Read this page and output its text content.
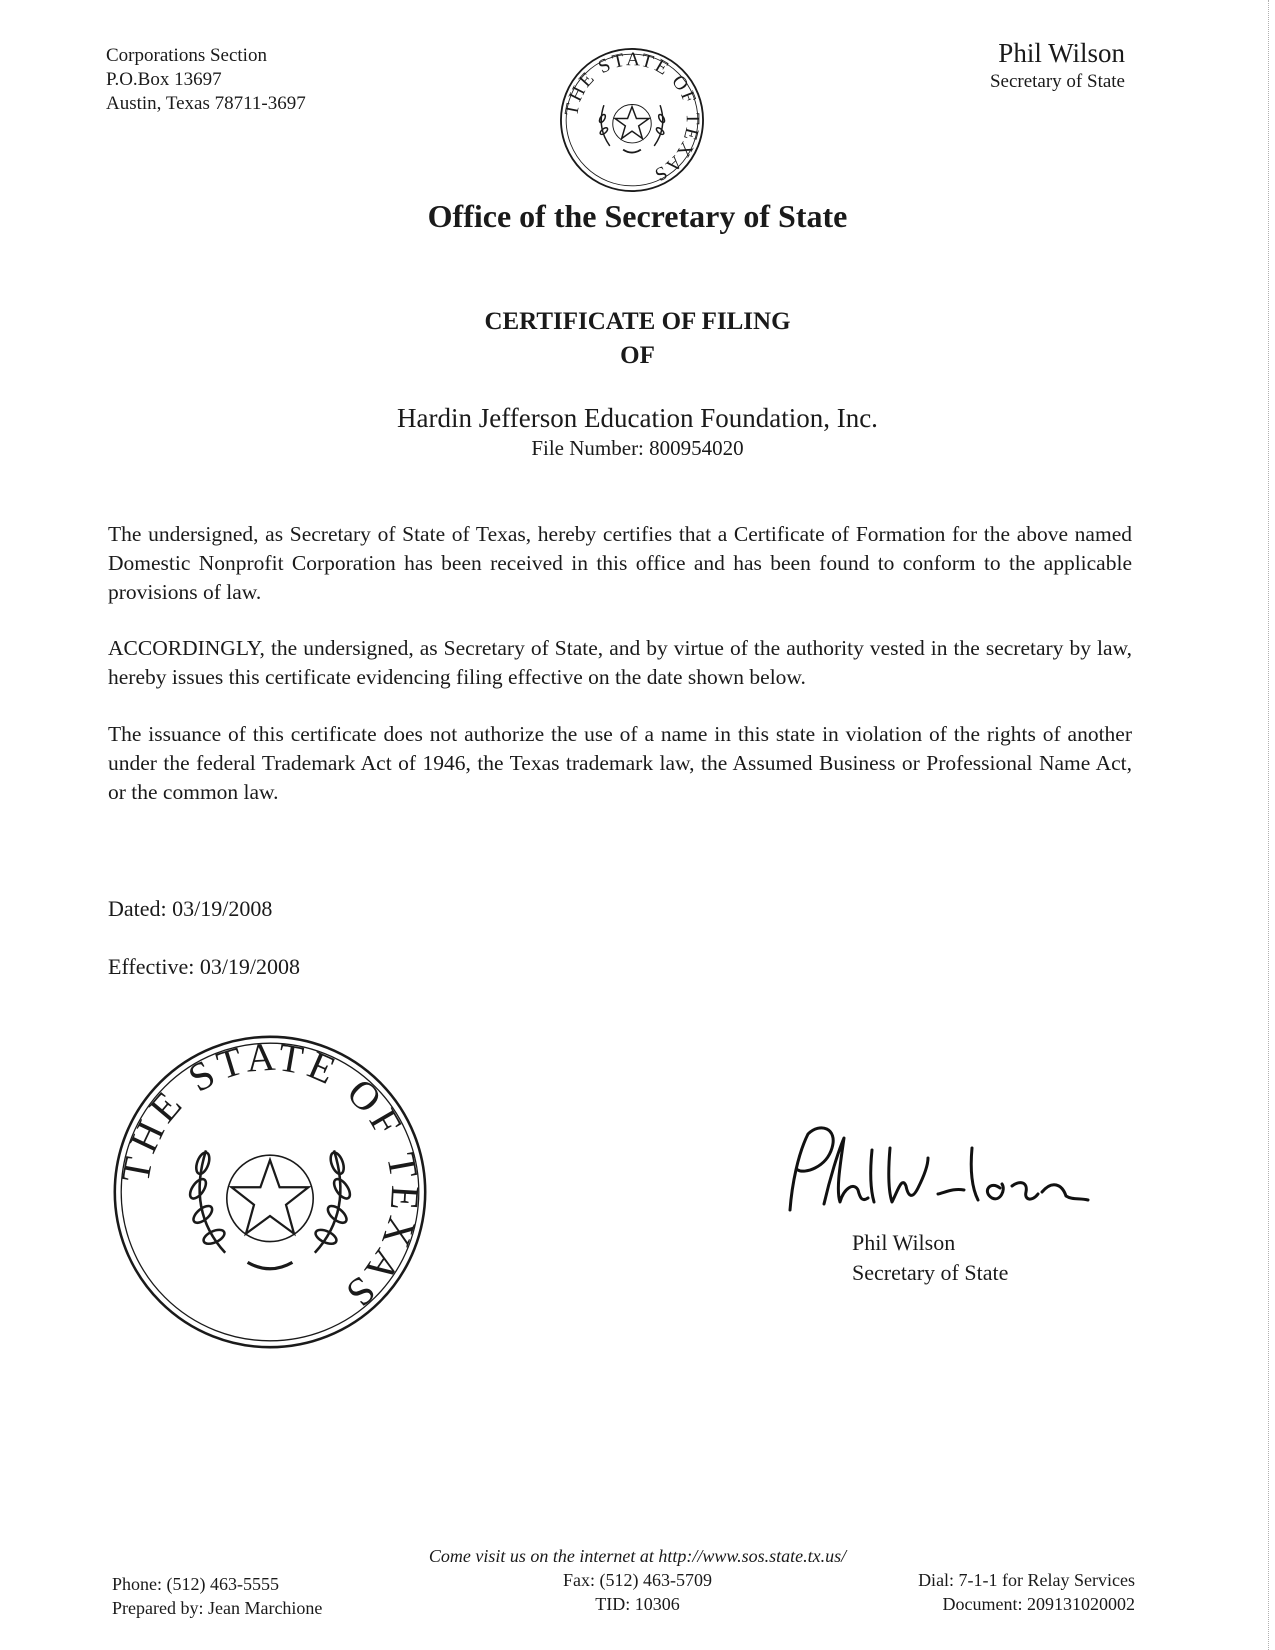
Corporations Section
P.O.Box 13697
Austin, Texas 78711-3697
Phil Wilson
Secretary of State
THE STATE OF TEXAS
Office of the Secretary of State
CERTIFICATE OF FILING
OF
Hardin Jefferson Education Foundation, Inc.
File Number: 800954020

The undersigned, as Secretary of State of Texas, hereby certifies that a Certificate of Formation for the above named Domestic Nonprofit Corporation has been received in this office and has been found to conform to the applicable provisions of law.

ACCORDINGLY, the undersigned, as Secretary of State, and by virtue of the authority vested in the secretary by law, hereby issues this certificate evidencing filing effective on the date shown below.

The issuance of this certificate does not authorize the use of a name in this state in violation of the rights of another under the federal Trademark Act of 1946, the Texas trademark law, the Assumed Business or Professional Name Act, or the common law.

Dated: 03/19/2008
Effective: 03/19/2008
THE STATE OF TEXAS
Phil Wilson
Secretary of State
Come visit us on the internet at http://www.sos.state.tx.us/
Phone: (512) 463-5555
Prepared by: Jean Marchione
Fax: (512) 463-5709
TID: 10306
Dial: 7-1-1 for Relay Services
Document: 209131020002
